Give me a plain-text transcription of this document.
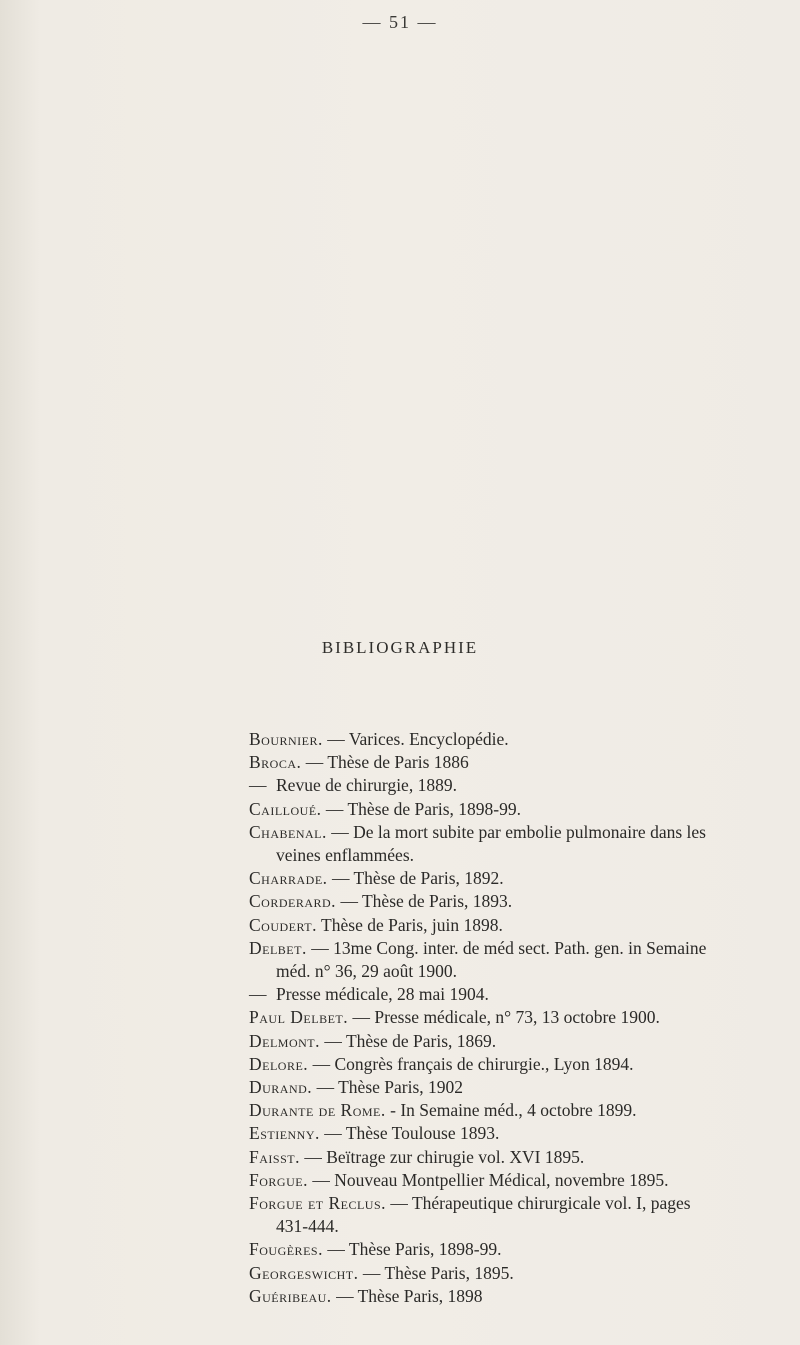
— 51 —
BIBLIOGRAPHIE
Bournier. — Varices. Encyclopédie.
Broca. — Thèse de Paris 1886
— Revue de chirurgie, 1889.
Cailloué. — Thèse de Paris, 1898-99.
Chabenal. — De la mort subite par embolie pulmonaire dans les
veines enflammées.
Charrade. — Thèse de Paris, 1892.
Corderard. — Thèse de Paris, 1893.
Coudert. Thèse de Paris, juin 1898.
Delbet. — 13me Cong. inter. de méd sect. Path. gen. in Semaine
méd. n° 36, 29 août 1900.
— Presse médicale, 28 mai 1904.
Paul Delbet. — Presse médicale, n° 73, 13 octobre 1900.
Delmont. — Thèse de Paris, 1869.
Delore. — Congrès français de chirurgie., Lyon 1894.
Durand. — Thèse Paris, 1902
Durante de Rome. - In Semaine méd., 4 octobre 1899.
Estienny. — Thèse Toulouse 1893.
Faisst. — Beïtrage zur chirugie vol. XVI 1895.
Forgue. — Nouveau Montpellier Médical, novembre 1895.
Forgue et Reclus. — Thérapeutique chirurgicale vol. I, pages
431-444.
Fougères. — Thèse Paris, 1898-99.
Georgeswicht. — Thèse Paris, 1895.
Guéribeau. — Thèse Paris, 1898
